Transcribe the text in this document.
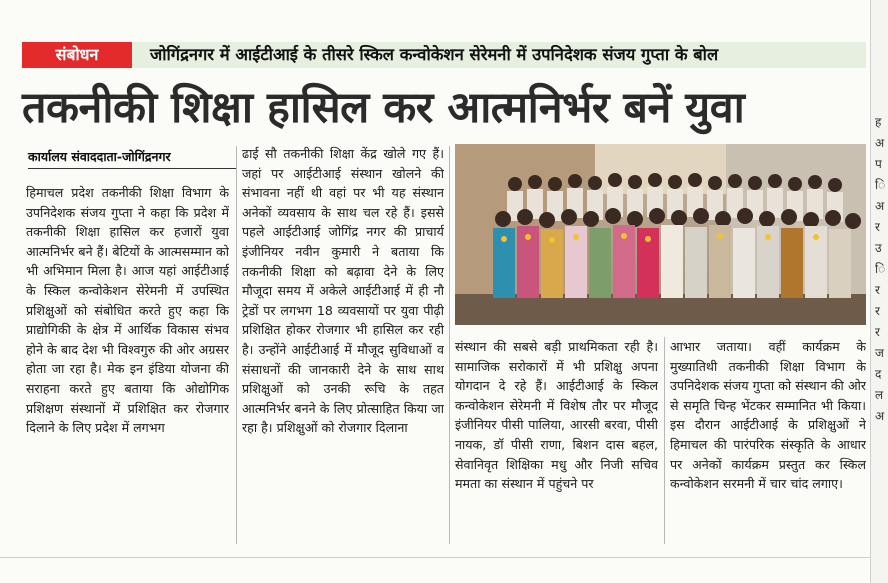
संबोधन	जोगिंद्रनगर में आईटीआई के तीसरे स्किल कन्वोकेशन सेरेमनी में उपनिदेशक संजय गुप्ता के बोल
तकनीकी शिक्षा हासिल कर आत्मनिर्भर बनें युवा
कार्यालय संवाददाता-जोगिंद्रनगर
हिमाचल प्रदेश तकनीकी शिक्षा विभाग के उपनिदेशक संजय गुप्ता ने कहा कि प्रदेश में तकनीकी शिक्षा हासिल कर हजारों युवा आत्मनिर्भर बने हैं। बेटियों के आत्मसम्मान को भी अभिमान मिला है। आज यहां आईटीआई के स्किल कन्वोकेशन सेरेमनी में उपस्थित प्रशिक्षुओं को संबोधित करते हुए कहा कि प्राद्योगिकी के क्षेत्र में आर्थिक विकास संभव होने के बाद देश भी विश्वगुरु की ओर अग्रसर होता जा रहा है। मेक इन इंडिया योजना की सराहना करते हुए बताया कि ओद्योगिक प्रशिक्षण संस्थानों में प्रशिक्षित कर रोजगार दिलाने के लिए प्रदेश में लगभग
ढाई सौ तकनीकी शिक्षा केंद्र खोले गए हैं। जहां पर आईटीआई संस्थान खोलने की संभावना नहीं थी वहां पर भी यह संस्थान अनेकों व्यवसाय के साथ चल रहे हैं। इससे पहले आईटीआई जोगिंद्र नगर की प्राचार्य इंजीनियर नवीन कुमारी ने बताया कि तकनीकी शिक्षा को बढ़ावा देने के लिए मौजूदा समय में अकेले आईटीआई में ही नौ ट्रेडों पर लगभग 18 व्यवसायों पर युवा पीढ़ी प्रशिक्षित होकर रोजगार भी हासिल कर रही है। उन्होंने आईटीआई में मौजूद सुविधाओं व संसाधनों की जानकारी देने के साथ साथ प्रशिक्षुओं को उनकी रूचि के तहत आत्मनिर्भर बनने के लिए प्रोत्साहित किया जा रहा है। प्रशिक्षुओं को रोजगार दिलाना
संस्थान की सबसे बड़ी प्राथमिकता रही है। सामाजिक सरोकारों में भी प्रशिक्षु अपना योगदान दे रहे हैं। आईटीआई के स्किल कन्वोकेशन सेरेमनी में विशेष तौर पर मौजूद इंजीनियर पीसी पालिया, आरसी बरवा, पीसी नायक, डॉ पीसी राणा, बिशन दास बहल, सेवानिवृत शिक्षिका मधु और निजी सचिव ममता का संस्थान में पहुंचने पर
आभार जताया। वहीं कार्यक्रम के मुख्यातिथी तकनीकी शिक्षा विभाग के उपनिदेशक संजय गुप्ता को संस्थान की ओर से समृति चिन्ह भेंटकर सम्मानित भी किया। इस दौरान आईटीआई के प्रशिक्षुओं ने हिमाचल की पारंपरिक संस्कृति के आधार पर अनेकों कार्यक्रम प्रस्तुत कर स्किल कन्वोकेशन सरमनी में चार चांद लगाए।
ह अ प ि अ र उ ि र र र ज द ल अ
